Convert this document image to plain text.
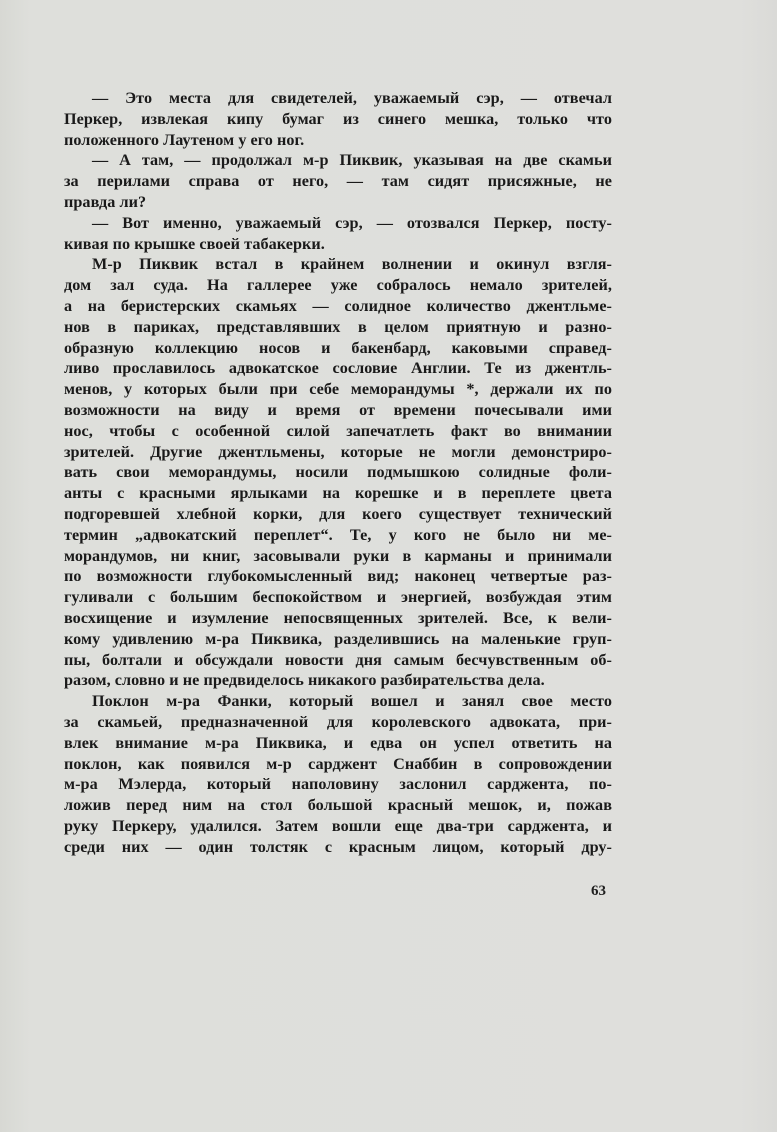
— Это места для свидетелей, уважаемый сэр, — отвечал
Перкер, извлекая кипу бумаг из синего мешка, только что
положенного Лаутеном у его ног.
— А там, — продолжал м-р Пиквик, указывая на две скамьи
за перилами справа от него, — там сидят присяжные, не
правда ли?
— Вот именно, уважаемый сэр, — отозвался Перкер, посту-
кивая по крышке своей табакерки.
М-р Пиквик встал в крайнем волнении и окинул взгля-
дом зал суда. На галлерее уже собралось немало зрителей,
а на беристерских скамьях — солидное количество джентльме-
нов в париках, представлявших в целом приятную и разно-
образную коллекцию носов и бакенбард, каковыми справед-
ливо прославилось адвокатское сословие Англии. Те из джентль-
менов, у которых были при себе меморандумы *, держали их по
возможности на виду и время от времени почесывали ими
нос, чтобы с особенной силой запечатлеть факт во внимании
зрителей. Другие джентльмены, которые не могли демонстриро-
вать свои меморандумы, носили подмышкою солидные фоли-
анты с красными ярлыками на корешке и в переплете цвета
подгоревшей хлебной корки, для коего существует технический
термин „адвокатский переплет“. Те, у кого не было ни ме-
морандумов, ни книг, засовывали руки в карманы и принимали
по возможности глубокомысленный вид; наконец четвертые раз-
гуливали с большим беспокойством и энергией, возбуждая этим
восхищение и изумление непосвященных зрителей. Все, к вели-
кому удивлению м-ра Пиквика, разделившись на маленькие груп-
пы, болтали и обсуждали новости дня самым бесчувственным об-
разом, словно и не предвиделось никакого разбирательства дела.
Поклон м-ра Фанки, который вошел и занял свое место
за скамьей, предназначенной для королевского адвоката, при-
влек внимание м-ра Пиквика, и едва он успел ответить на
поклон, как появился м-р сарджент Снаббин в сопровождении
м-ра Мэлерда, который наполовину заслонил сарджента, по-
ложив перед ним на стол большой красный мешок, и, пожав
руку Перкеру, удалился. Затем вошли еще два-три сарджента, и
среди них — один толстяк с красным лицом, который дру-
63
